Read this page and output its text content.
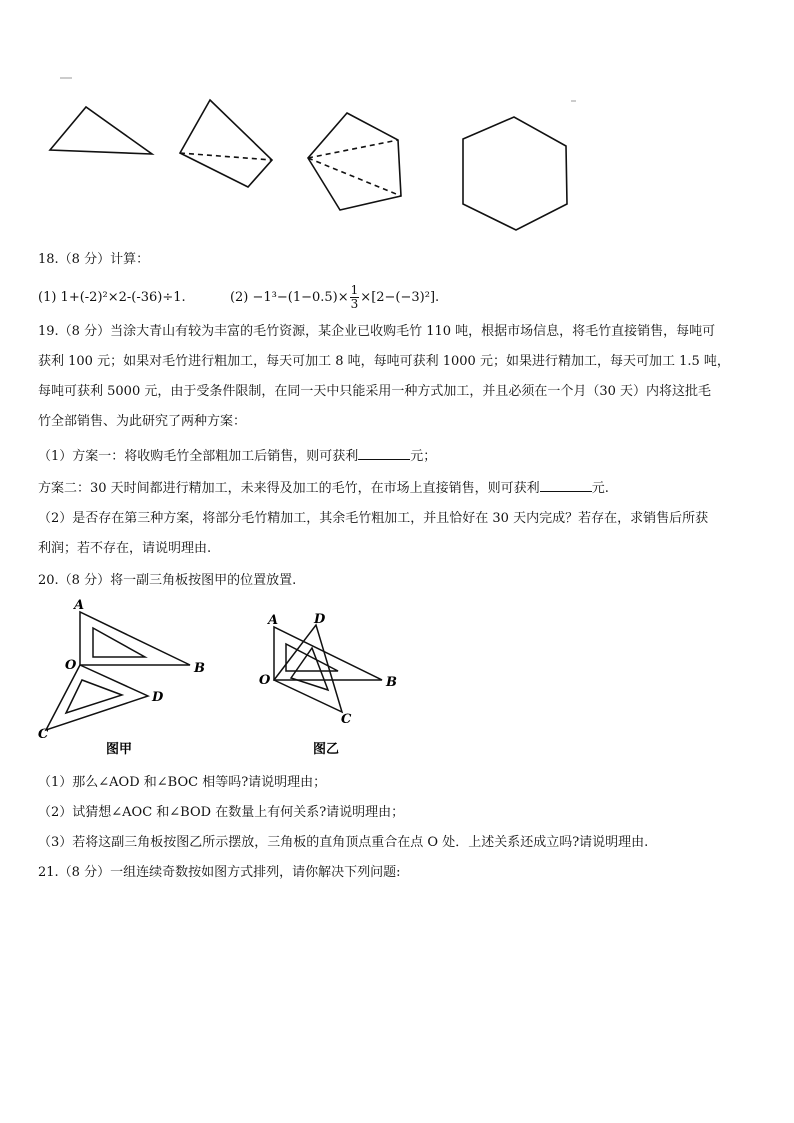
18.（8 分）计算：
(1) 1+(-2)²×2-(-36)÷1.	$(2) -1^3-(1-0.5)\times \frac{1}{3} \times[2-(-3)^2]$.
19.（8 分）当涂大青山有较为丰富的毛竹资源，某企业已收购毛竹 110 吨，根据市场信息，将毛竹直接销售，每吨可
获利 100 元；如果对毛竹进行粗加工，每天可加工 8 吨，每吨可获利 1000 元；如果进行精加工，每天可加工 1.5 吨，
每吨可获利 5000 元，由于受条件限制，在同一天中只能采用一种方式加工，并且必须在一个月（30 天）内将这批毛
竹全部销售、为此研究了两种方案：
（1）方案一：将收购毛竹全部粗加工后销售，则可获利	元；
方案二：30 天时间都进行精加工，未来得及加工的毛竹，在市场上直接销售，则可获利	元.
（2）是否存在第三种方案，将部分毛竹精加工，其余毛竹粗加工，并且恰好在 30 天内完成？若存在，求销售后所获
利润；若不存在，请说明理由.
20.（8 分）将一副三角板按图甲的位置放置.
A
O	B
D
C
图甲
A	D
O	B
C
图乙
（1）那么∠AOD 和∠BOC 相等吗?请说明理由；
（2）试猜想∠AOC 和∠BOD 在数量上有何关系?请说明理由；
（3）若将这副三角板按图乙所示摆放，三角板的直角顶点重合在点 O 处．上述关系还成立吗?请说明理由.
21.（8 分）一组连续奇数按如图方式排列，请你解决下列问题:
